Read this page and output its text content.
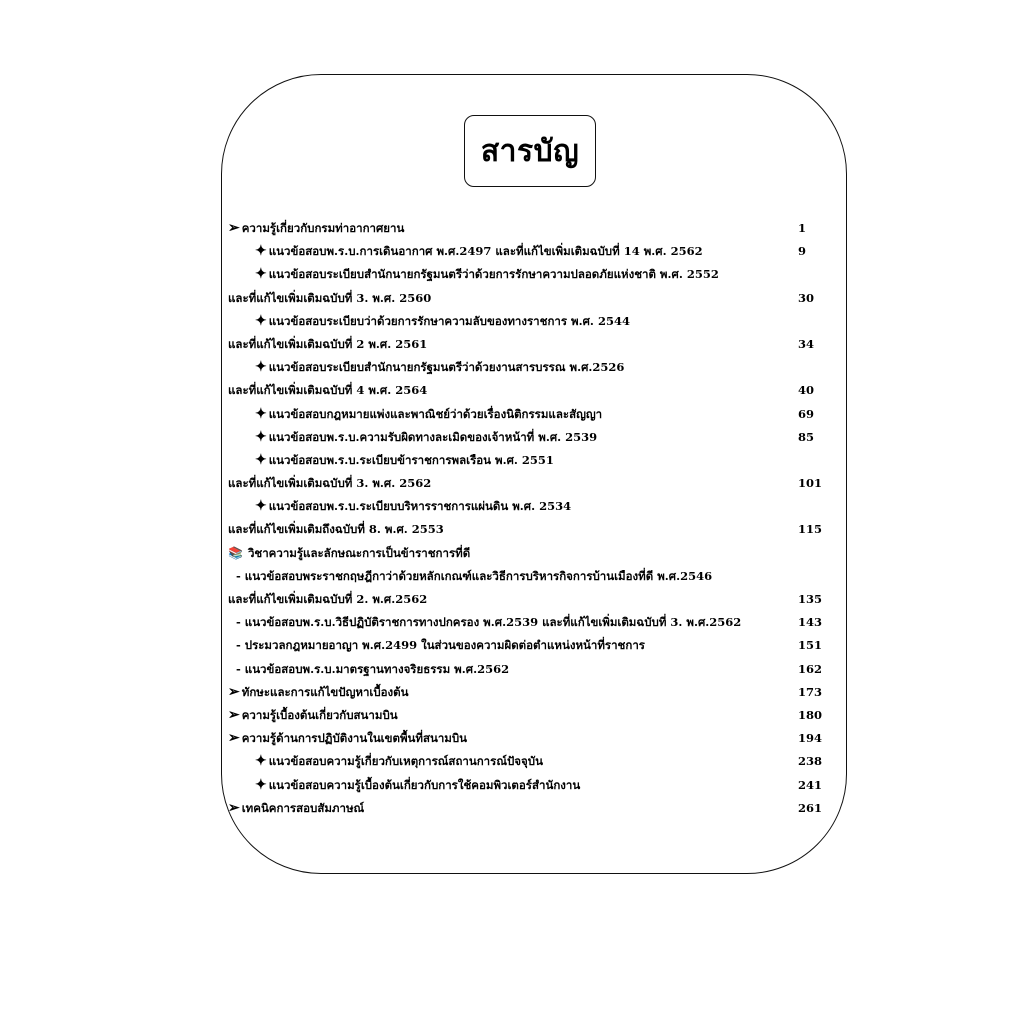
สารบัญ
➢ ความรู้เกี่ยวกับกรมท่าอากาศยาน	1
✦ แนวข้อสอบพ.ร.บ.การเดินอากาศ พ.ศ.2497 และที่แก้ไขเพิ่มเติมฉบับที่ 14 พ.ศ. 2562	9
✦ แนวข้อสอบระเบียบสำนักนายกรัฐมนตรีว่าด้วยการรักษาความปลอดภัยแห่งชาติ พ.ศ. 2552
และที่แก้ไขเพิ่มเติมฉบับที่ 3. พ.ศ. 2560	30
✦ แนวข้อสอบระเบียบว่าด้วยการรักษาความลับของทางราชการ พ.ศ. 2544
และที่แก้ไขเพิ่มเติมฉบับที่ 2 พ.ศ. 2561	34
✦ แนวข้อสอบระเบียบสำนักนายกรัฐมนตรีว่าด้วยงานสารบรรณ พ.ศ.2526
และที่แก้ไขเพิ่มเติมฉบับที่ 4 พ.ศ. 2564	40
✦ แนวข้อสอบกฎหมายแพ่งและพาณิชย์ว่าด้วยเรื่องนิติกรรมและสัญญา	69
✦ แนวข้อสอบพ.ร.บ.ความรับผิดทางละเมิดของเจ้าหน้าที่ พ.ศ. 2539	85
✦ แนวข้อสอบพ.ร.บ.ระเบียบข้าราชการพลเรือน พ.ศ. 2551
และที่แก้ไขเพิ่มเติมฉบับที่ 3. พ.ศ. 2562	101
✦ แนวข้อสอบพ.ร.บ.ระเบียบบริหารราชการแผ่นดิน พ.ศ. 2534
และที่แก้ไขเพิ่มเติมถึงฉบับที่ 8. พ.ศ. 2553	115
📚 วิชาความรู้และลักษณะการเป็นข้าราชการที่ดี
- แนวข้อสอบพระราชกฤษฎีกาว่าด้วยหลักเกณฑ์และวิธีการบริหารกิจการบ้านเมืองที่ดี พ.ศ.2546
และที่แก้ไขเพิ่มเติมฉบับที่ 2. พ.ศ.2562	135
- แนวข้อสอบพ.ร.บ.วิธีปฏิบัติราชการทางปกครอง พ.ศ.2539 และที่แก้ไขเพิ่มเติมฉบับที่ 3. พ.ศ.2562	143
- ประมวลกฎหมายอาญา พ.ศ.2499 ในส่วนของความผิดต่อตำแหน่งหน้าที่ราชการ	151
- แนวข้อสอบพ.ร.บ.มาตรฐานทางจริยธรรม พ.ศ.2562	162
➢ ทักษะและการแก้ไขปัญหาเบื้องต้น	173
➢ ความรู้เบื้องต้นเกี่ยวกับสนามบิน	180
➢ ความรู้ด้านการปฏิบัติงานในเขตพื้นที่สนามบิน	194
✦ แนวข้อสอบความรู้เกี่ยวกับเหตุการณ์สถานการณ์ปัจจุบัน	238
✦ แนวข้อสอบความรู้เบื้องต้นเกี่ยวกับการใช้คอมพิวเตอร์สำนักงาน	241
➢ เทคนิคการสอบสัมภาษณ์	261
